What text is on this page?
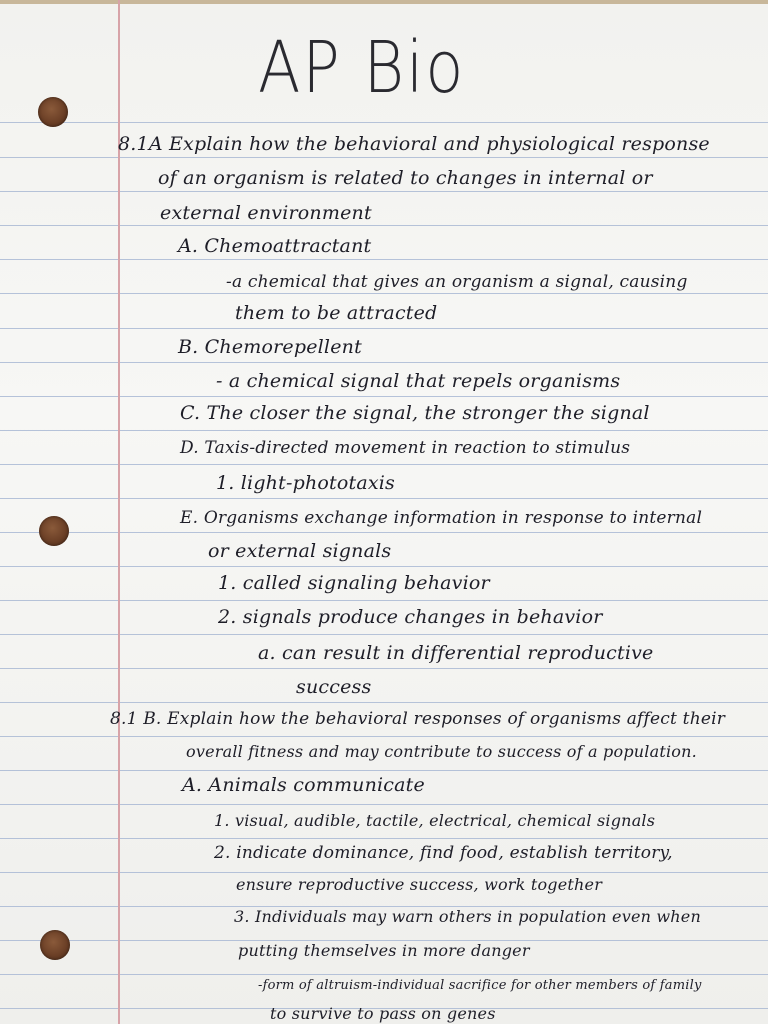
AP Bio
8.1A Explain how the behavioral and physiological response
of an organism is related to changes in internal or
external environment
A. Chemoattractant
-a chemical that gives an organism a signal, causing
them to be attracted
B. Chemorepellent
- a chemical signal that repels organisms
C. The closer the signal, the stronger the signal
D. Taxis-directed movement in reaction to stimulus
1. light-phototaxis
E. Organisms exchange information in response to internal
or external signals
1. called signaling behavior
2. signals produce changes in behavior
a. can result in differential reproductive
success
8.1 B. Explain how the behavioral responses of organisms affect their
overall fitness and may contribute to success of a population.
A. Animals communicate
1. visual, audible, tactile, electrical, chemical signals
2. indicate dominance, find food, establish territory,
ensure reproductive success, work together
3. Individuals may warn others in population even when
putting themselves in more danger
-form of altruism-individual sacrifice for other members of family
to survive to pass on genes
